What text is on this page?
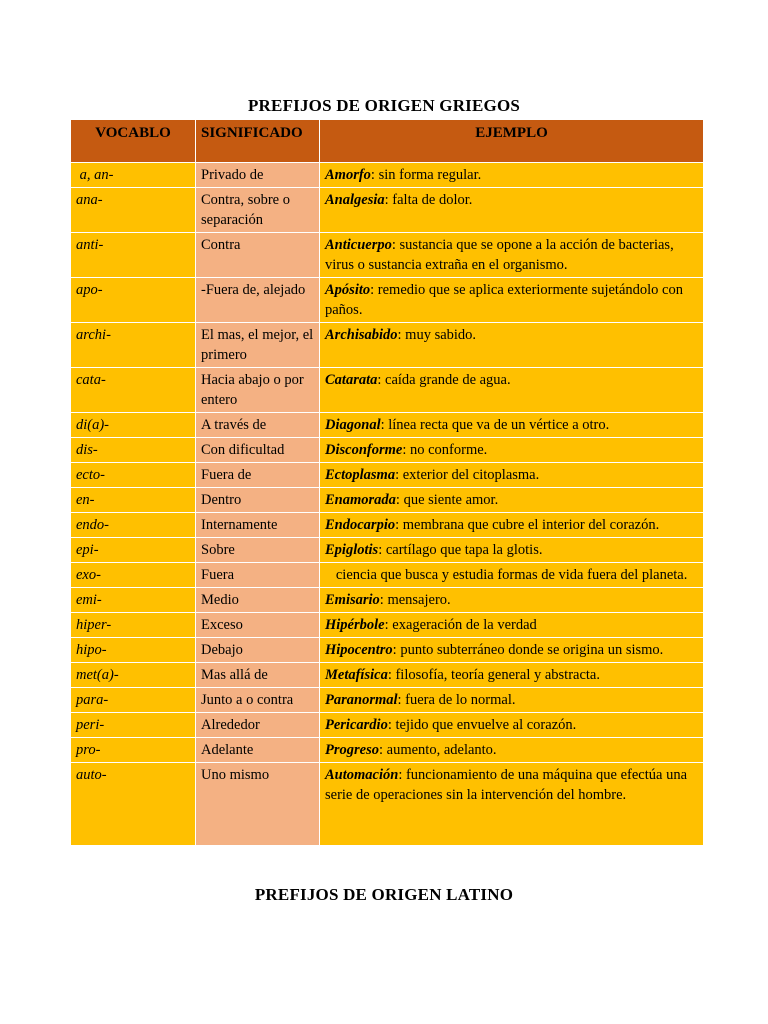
PREFIJOS DE ORIGEN GRIEGOS
VOCABLO	SIGNIFICADO	EJEMPLO
a, an-	Privado de	Amorfo: sin forma regular.
ana-	Contra, sobre o separación	Analgesia: falta de dolor.
anti-	Contra	Anticuerpo: sustancia que se opone a la acción de bacterias, virus o sustancia extraña en el organismo.
apo-	-Fuera de, alejado	Apósito: remedio que se aplica exteriormente sujetándolo con paños.
archi-	El mas, el mejor, el primero	Archisabido: muy sabido.
cata-	Hacia abajo o por entero	Catarata: caída grande de agua.
di(a)-	A través de	Diagonal: línea recta que va de un vértice a otro.
dis-	Con dificultad	Disconforme: no conforme.
ecto-	Fuera de	Ectoplasma: exterior del citoplasma.
en-	Dentro	Enamorada: que siente amor.
endo-	Internamente	Endocarpio: membrana que cubre el interior del corazón.
epi-	Sobre	Epiglotis: cartílago que tapa la glotis.
exo-	Fuera	ciencia que busca y estudia formas de vida fuera del planeta.
emi-	Medio	Emisario: mensajero.
hiper-	Exceso	Hipérbole: exageración de la verdad
hipo-	Debajo	Hipocentro: punto subterráneo donde se origina un sismo.
met(a)-	Mas allá de	Metafísica: filosofía, teoría general y abstracta.
para-	Junto a o contra	Paranormal: fuera de lo normal.
peri-	Alrededor	Pericardio: tejido que envuelve al corazón.
pro-	Adelante	Progreso: aumento, adelanto.
auto-	Uno mismo	Automación: funcionamiento de una máquina que efectúa una serie de operaciones sin la intervención del hombre.
PREFIJOS DE ORIGEN LATINO
